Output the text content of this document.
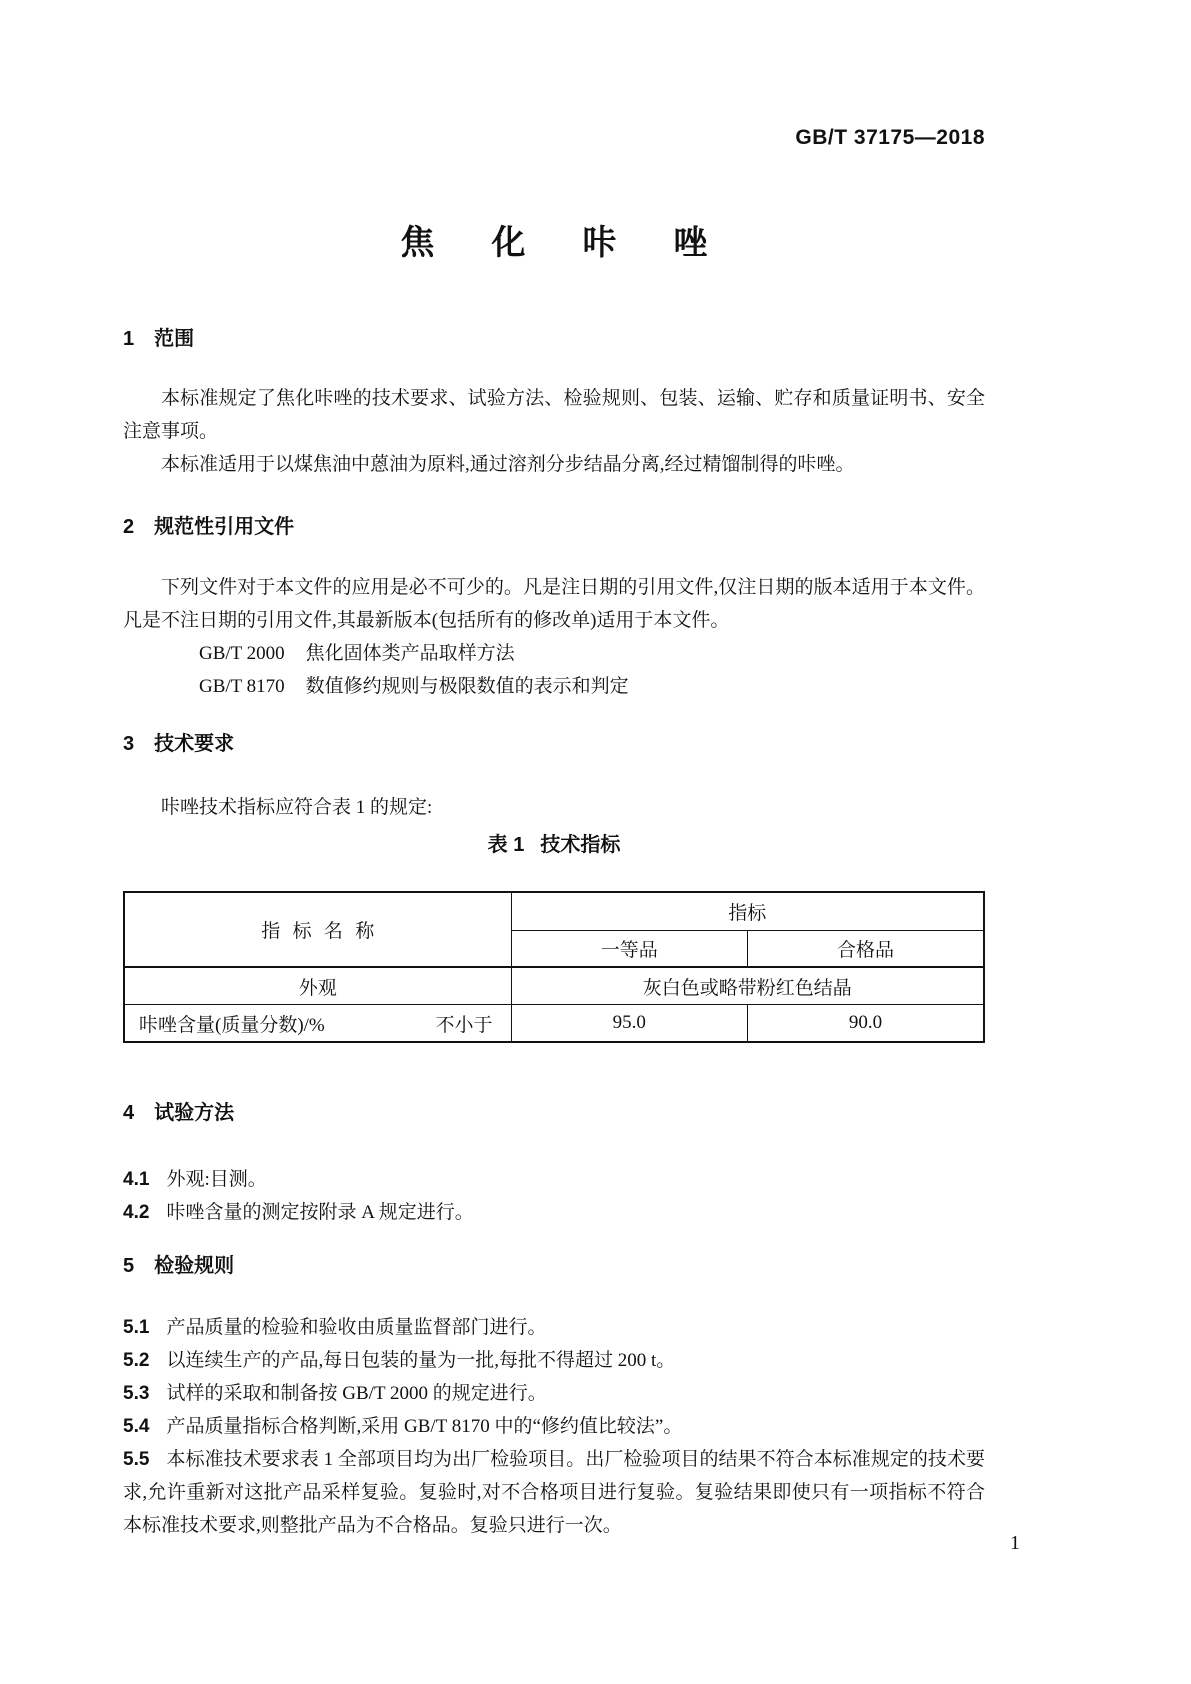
GB/T 37175—2018
焦 化 咔 唑
1 范围

本标准规定了焦化咔唑的技术要求、试验方法、检验规则、包装、运输、贮存和质量证明书、安全注意事项。

本标准适用于以煤焦油中蒽油为原料,通过溶剂分步结晶分离,经过精馏制得的咔唑。

2 规范性引用文件

下列文件对于本文件的应用是必不可少的。凡是注日期的引用文件,仅注日期的版本适用于本文件。凡是不注日期的引用文件,其最新版本(包括所有的修改单)适用于本文件。

GB/T 2000 焦化固体类产品取样方法

GB/T 8170 数值修约规则与极限数值的表示和判定

3 技术要求

咔唑技术指标应符合表 1 的规定:

表 1 技术指标
指 标 名 称	指标	
	一等品	合格品
外观	灰白色或略带粉红色结晶	

咔唑含量(质量分数)/% 不小于	95.0	90.0
4 试验方法

4.1 外观:目测。

4.2 咔唑含量的测定按附录 A 规定进行。

5 检验规则

5.1 产品质量的检验和验收由质量监督部门进行。

5.2 以连续生产的产品,每日包装的量为一批,每批不得超过 200 t。

5.3 试样的采取和制备按 GB/T 2000 的规定进行。

5.4 产品质量指标合格判断,采用 GB/T 8170 中的“修约值比较法”。

5.5 本标准技术要求表 1 全部项目均为出厂检验项目。出厂检验项目的结果不符合本标准规定的技术要求,允许重新对这批产品采样复验。复验时,对不合格项目进行复验。复验结果即使只有一项指标不符合本标准技术要求,则整批产品为不合格品。复验只进行一次。

1
